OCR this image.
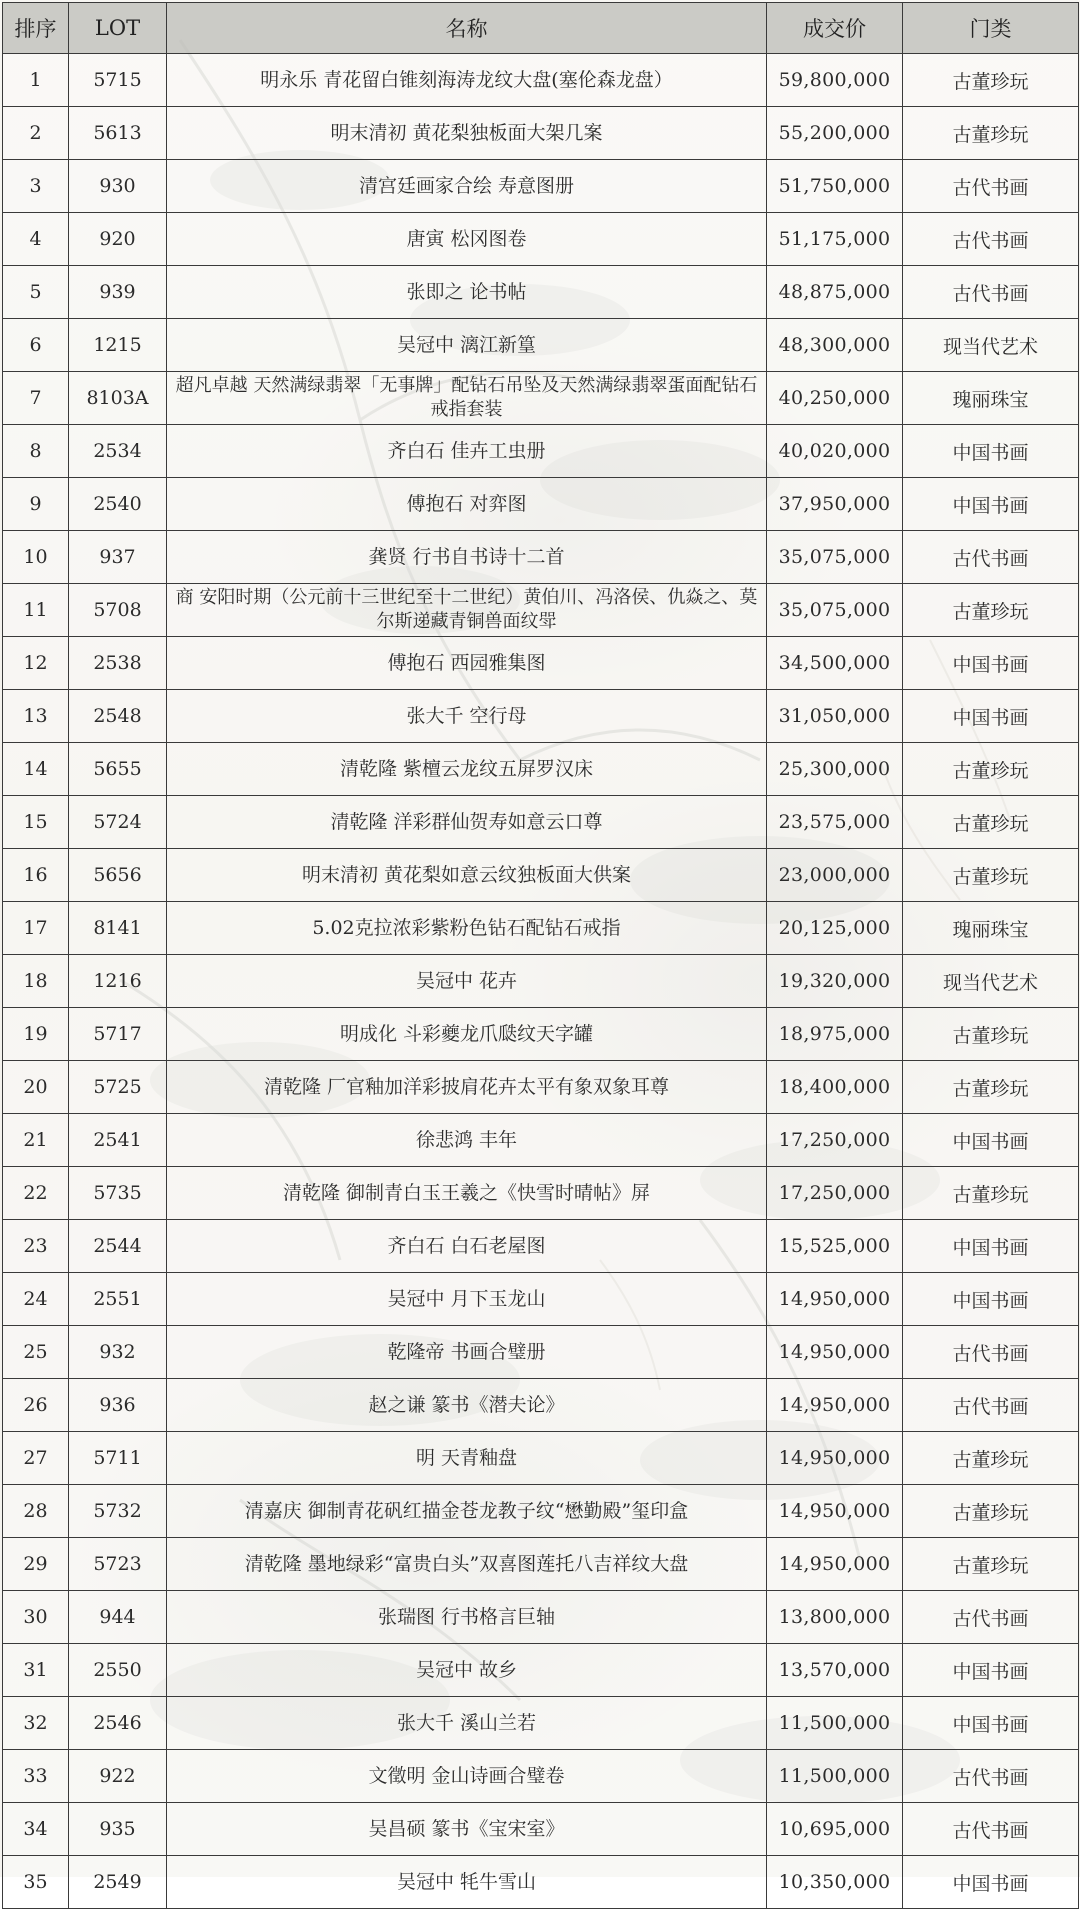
排序	LOT	名称	成交价	门类
1	5715	明永乐 青花留白锥刻海涛龙纹大盘(塞伦森龙盘）	59,800,000	古董珍玩
2	5613	明末清初 黄花梨独板面大架几案	55,200,000	古董珍玩
3	930	清宫廷画家合绘 寿意图册	51,750,000	古代书画
4	920	唐寅 松冈图卷	51,175,000	古代书画
5	939	张即之 论书帖	48,875,000	古代书画
6	1215	吴冠中 漓江新篁	48,300,000	现当代艺术
7	8103A	超凡卓越 天然满绿翡翠「无事牌」配钻石吊坠及天然满绿翡翠蛋面配钻石戒指套装	40,250,000	瑰丽珠宝
8	2534	齐白石 佳卉工虫册	40,020,000	中国书画
9	2540	傅抱石 对弈图	37,950,000	中国书画
10	937	龚贤 行书自书诗十二首	35,075,000	古代书画
11	5708	商 安阳时期（公元前十三世纪至十二世纪）黄伯川、冯洛侯、仇焱之、莫尔斯递藏青铜兽面纹斝	35,075,000	古董珍玩
12	2538	傅抱石 西园雅集图	34,500,000	中国书画
13	2548	张大千 空行母	31,050,000	中国书画
14	5655	清乾隆 紫檀云龙纹五屏罗汉床	25,300,000	古董珍玩
15	5724	清乾隆 洋彩群仙贺寿如意云口尊	23,575,000	古董珍玩
16	5656	明末清初 黄花梨如意云纹独板面大供案	23,000,000	古董珍玩
17	8141	5.02克拉浓彩紫粉色钻石配钻石戒指	20,125,000	瑰丽珠宝
18	1216	吴冠中 花卉	19,320,000	现当代艺术
19	5717	明成化 斗彩夔龙爪瓞纹天字罐	18,975,000	古董珍玩
20	5725	清乾隆 厂官釉加洋彩披肩花卉太平有象双象耳尊	18,400,000	古董珍玩
21	2541	徐悲鸿 丰年	17,250,000	中国书画
22	5735	清乾隆 御制青白玉王羲之《快雪时晴帖》屏	17,250,000	古董珍玩
23	2544	齐白石 白石老屋图	15,525,000	中国书画
24	2551	吴冠中 月下玉龙山	14,950,000	中国书画
25	932	乾隆帝 书画合璧册	14,950,000	古代书画
26	936	赵之谦 篆书《潜夫论》	14,950,000	古代书画
27	5711	明 天青釉盘	14,950,000	古董珍玩
28	5732	清嘉庆 御制青花矾红描金苍龙教子纹“懋勤殿”玺印盒	14,950,000	古董珍玩
29	5723	清乾隆 墨地绿彩“富贵白头”双喜图莲托八吉祥纹大盘	14,950,000	古董珍玩
30	944	张瑞图 行书格言巨轴	13,800,000	古代书画
31	2550	吴冠中 故乡	13,570,000	中国书画
32	2546	张大千 溪山兰若	11,500,000	中国书画
33	922	文徵明 金山诗画合璧卷	11,500,000	古代书画
34	935	吴昌硕 篆书《宝宋室》	10,695,000	古代书画
35	2549	吴冠中 牦牛雪山	10,350,000	中国书画
